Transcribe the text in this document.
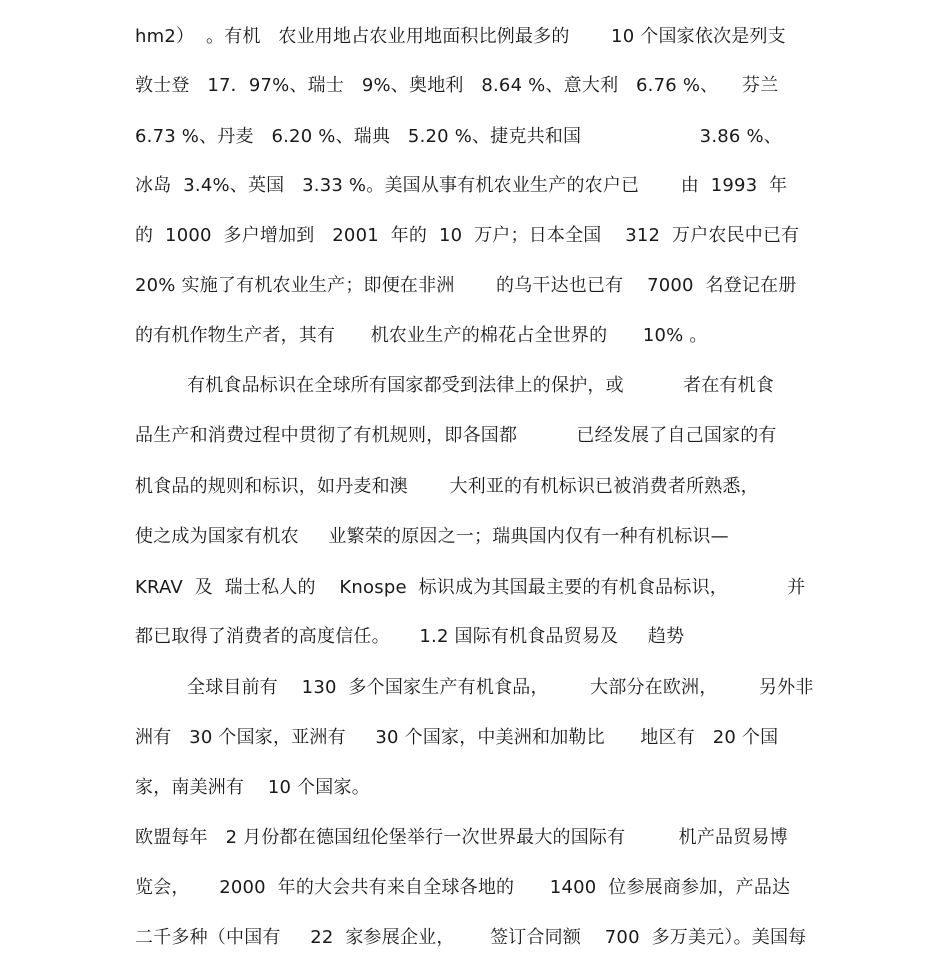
hm2）  。有机   农业用地占农业用地面积比例最多的       10 个国家依次是列支
敦士登   17．97%、瑞士   9%、奥地利   8.64 %、意大利   6.76 %、    芬兰
6.73 %、丹麦   6.20 %、瑞典   5.20 %、捷克共和国                    3.86 %、
冰岛  3.4%、英国   3.33 %。美国从事有机农业生产的农户已       由  1993  年
的  1000  多户增加到   2001  年的  10  万户；日本全国    312  万户农民中已有
20% 实施了有机农业生产；即便在非洲       的乌干达也已有    7000  名登记在册
的有机作物生产者，其有      机农业生产的棉花占全世界的      10% 。
有机食品标识在全球所有国家都受到法律上的保护，或          者在有机食
品生产和消费过程中贯彻了有机规则，即各国都          已经发展了自己国家的有
机食品的规则和标识，如丹麦和澳       大利亚的有机标识已被消费者所熟悉，
使之成为国家有机农     业繁荣的原因之一；瑞典国内仅有一种有机标识—
KRAV  及  瑞士私人的    Knospe  标识成为其国最主要的有机食品标识，          并
都已取得了消费者的高度信任。     1.2 国际有机食品贸易及     趋势
全球目前有    130  多个国家生产有机食品，       大部分在欧洲，       另外非
洲有   30 个国家，亚洲有     30 个国家，中美洲和加勒比      地区有   20 个国
家，南美洲有    10 个国家。
欧盟每年   2 月份都在德国纽伦堡举行一次世界最大的国际有         机产品贸易博
览会，     2000  年的大会共有来自全球各地的      1400  位参展商参加，产品达
二千多种（中国有     22  家参展企业，      签订合同额    700  多万美元）。美国每
